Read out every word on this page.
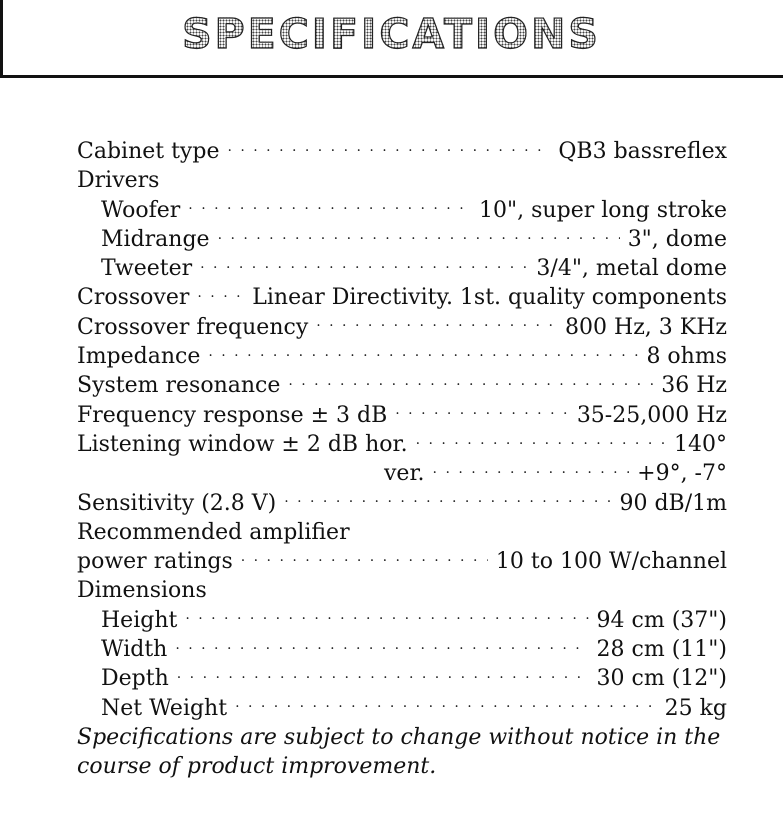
SPECIFICATIONS
Cabinet type . . .	QB3 bassreflex
Drivers
Woofer . . .	10", super long stroke
Midrange . . .	3", dome
Tweeter . . .	3/4", metal dome
Crossover . . .	Linear Directivity. 1st. quality components
Crossover frequency . . .	800 Hz, 3 KHz
Impedance . . .	8 ohms
System resonance . . .	36 Hz
Frequency response ± 3 dB . . .	35-25,000 Hz
Listening window ± 2 dB hor. . . .	140°
ver. . . .	+9°, -7°
Sensitivity (2.8 V) . . .	90 dB/1m
Recommended amplifier
power ratings . . .	10 to 100 W/channel
Dimensions
Height . . .	94 cm (37")
Width . . .	28 cm (11")
Depth . . .	30 cm (12")
Net Weight . . .	25 kg
Specifications are subject to change without notice in the
course of product improvement.
